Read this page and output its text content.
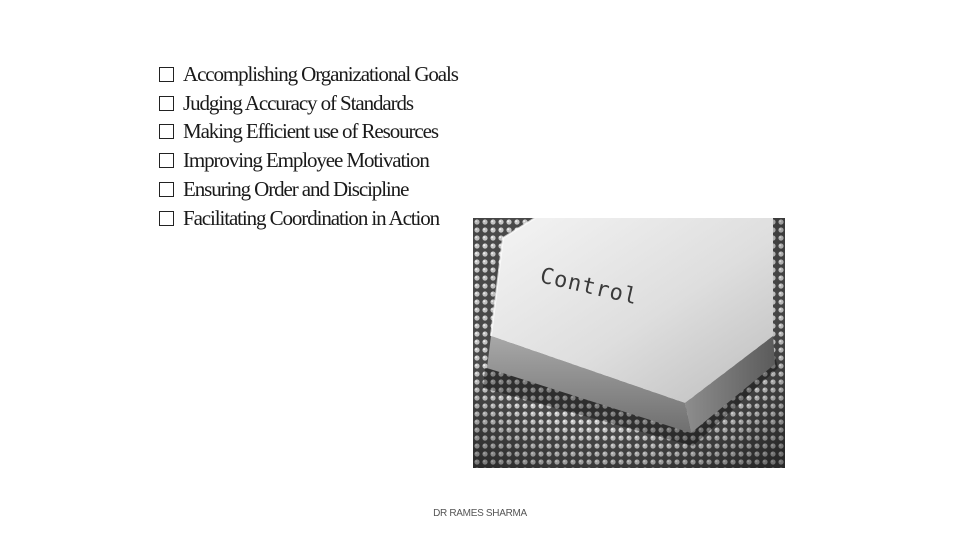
Accomplishing Organizational Goals
Judging Accuracy of Standards
Making Efficient use of Resources
Improving Employee Motivation
Ensuring Order and Discipline
Facilitating Coordination in Action
Control
DR RAMES SHARMA
